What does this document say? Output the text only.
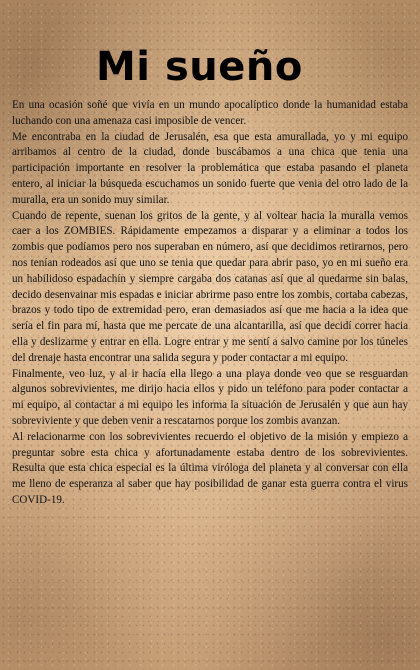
Mi sueño

En una ocasión soñé que vivía en un mundo apocalíptico donde la humanidad estaba luchando con una amenaza casi imposible de vencer.

Me encontraba en la ciudad de Jerusalén, esa que esta amurallada, yo y mi equipo arribamos al centro de la ciudad, donde buscábamos a una chica que tenia una participación importante en resolver la problemática que estaba pasando el planeta entero, al iniciar la búsqueda escuchamos un sonido fuerte que venia del otro lado de la muralla, era un sonido muy similar.

Cuando de repente, suenan los gritos de la gente, y al voltear hacia la muralla vemos caer a los ZOMBIES. Rápidamente empezamos a disparar y a eliminar a todos los zombis que podíamos pero nos superaban en número, así que decidimos retirarnos, pero nos tenían rodeados así que uno se tenia que quedar para abrir paso, yo en mi sueño era un habilidoso espadachín y siempre cargaba dos catanas así que al quedarme sin balas, decido desenvainar mis espadas e iniciar abrirme paso entre los zombis, cortaba cabezas, brazos y todo tipo de extremidad pero, eran demasiados así que me hacia a la idea que sería el fin para mí, hasta que me percate de una alcantarilla, así que decidí correr hacia ella y deslizarme y entrar en ella. Logre entrar y me sentí a salvo camine por los túneles del drenaje hasta encontrar una salida segura y poder contactar a mi equipo.

Finalmente, veo luz, y al ir hacía ella llego a una playa donde veo que se resguardan algunos sobrevivientes, me dirijo hacia ellos y pido un teléfono para poder contactar a mi equipo, al contactar a mi equipo les informa la situación de Jerusalén y que aun hay sobreviviente y que deben venir a rescatarnos porque los zombis avanzan.

Al relacionarme con los sobrevivientes recuerdo el objetivo de la misión y empiezo a preguntar sobre esta chica y afortunadamente estaba dentro de los sobrevivientes. Resulta que esta chica especial es la última viróloga del planeta y al conversar con ella me lleno de esperanza al saber que hay posibilidad de ganar esta guerra contra el virus COVID-19.
